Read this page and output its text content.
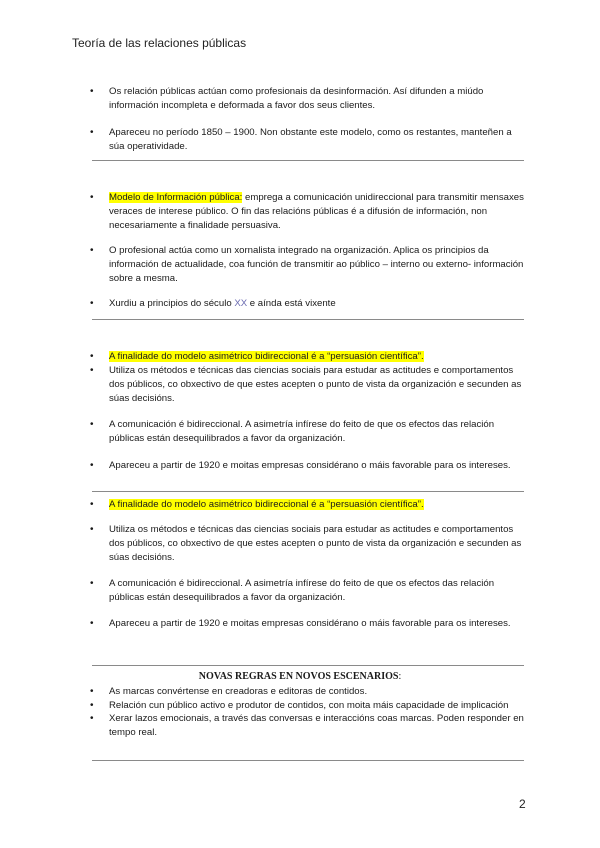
Teoría de las relaciones públicas
• Os relación públicas actúan como profesionais da desinformación. Así difunden a miúdo información incompleta e deformada a favor dos seus clientes.
• Apareceu no período 1850 – 1900. Non obstante este modelo, como os restantes, manteñen a súa operatividade.
• Modelo de Información pública: emprega a comunicación unidireccional para transmitir mensaxes veraces de interese público. O fin das relacións públicas é a difusión de información, non necesariamente a finalidade persuasiva.
• O profesional actúa como un xornalista integrado na organización. Aplica os principios da información de actualidade, coa función de transmitir ao público – interno ou externo- información sobre a mesma.
• Xurdiu a principios do século XX e aínda está vixente
• A finalidade do modelo asimétrico bidireccional é a “persuasión científica”.
• Utiliza os métodos e técnicas das ciencias sociais para estudar as actitudes e comportamentos dos públicos, co obxectivo de que estes acepten o punto de vista da organización e secunden as súas decisións.
• A comunicación é bidireccional. A asimetría infírese do feito de que os efectos das relación públicas están desequilibrados a favor da organización.
• Apareceu a partir de 1920 e moitas empresas considérano o máis favorable para os intereses.
• A finalidade do modelo asimétrico bidireccional é a “persuasión científica”.
• Utiliza os métodos e técnicas das ciencias sociais para estudar as actitudes e comportamentos dos públicos, co obxectivo de que estes acepten o punto de vista da organización e secunden as súas decisións.
• A comunicación é bidireccional. A asimetría infírese do feito de que os efectos das relación públicas están desequilibrados a favor da organización.
• Apareceu a partir de 1920 e moitas empresas considérano o máis favorable para os intereses.
NOVAS REGRAS EN NOVOS ESCENARIOS:
• As marcas convértense en creadoras e editoras de contidos.
• Relación cun público activo e produtor de contidos, con moita máis capacidade de implicación
• Xerar lazos emocionais, a través das conversas e interaccións coas marcas. Poden responder en tempo real.
2
